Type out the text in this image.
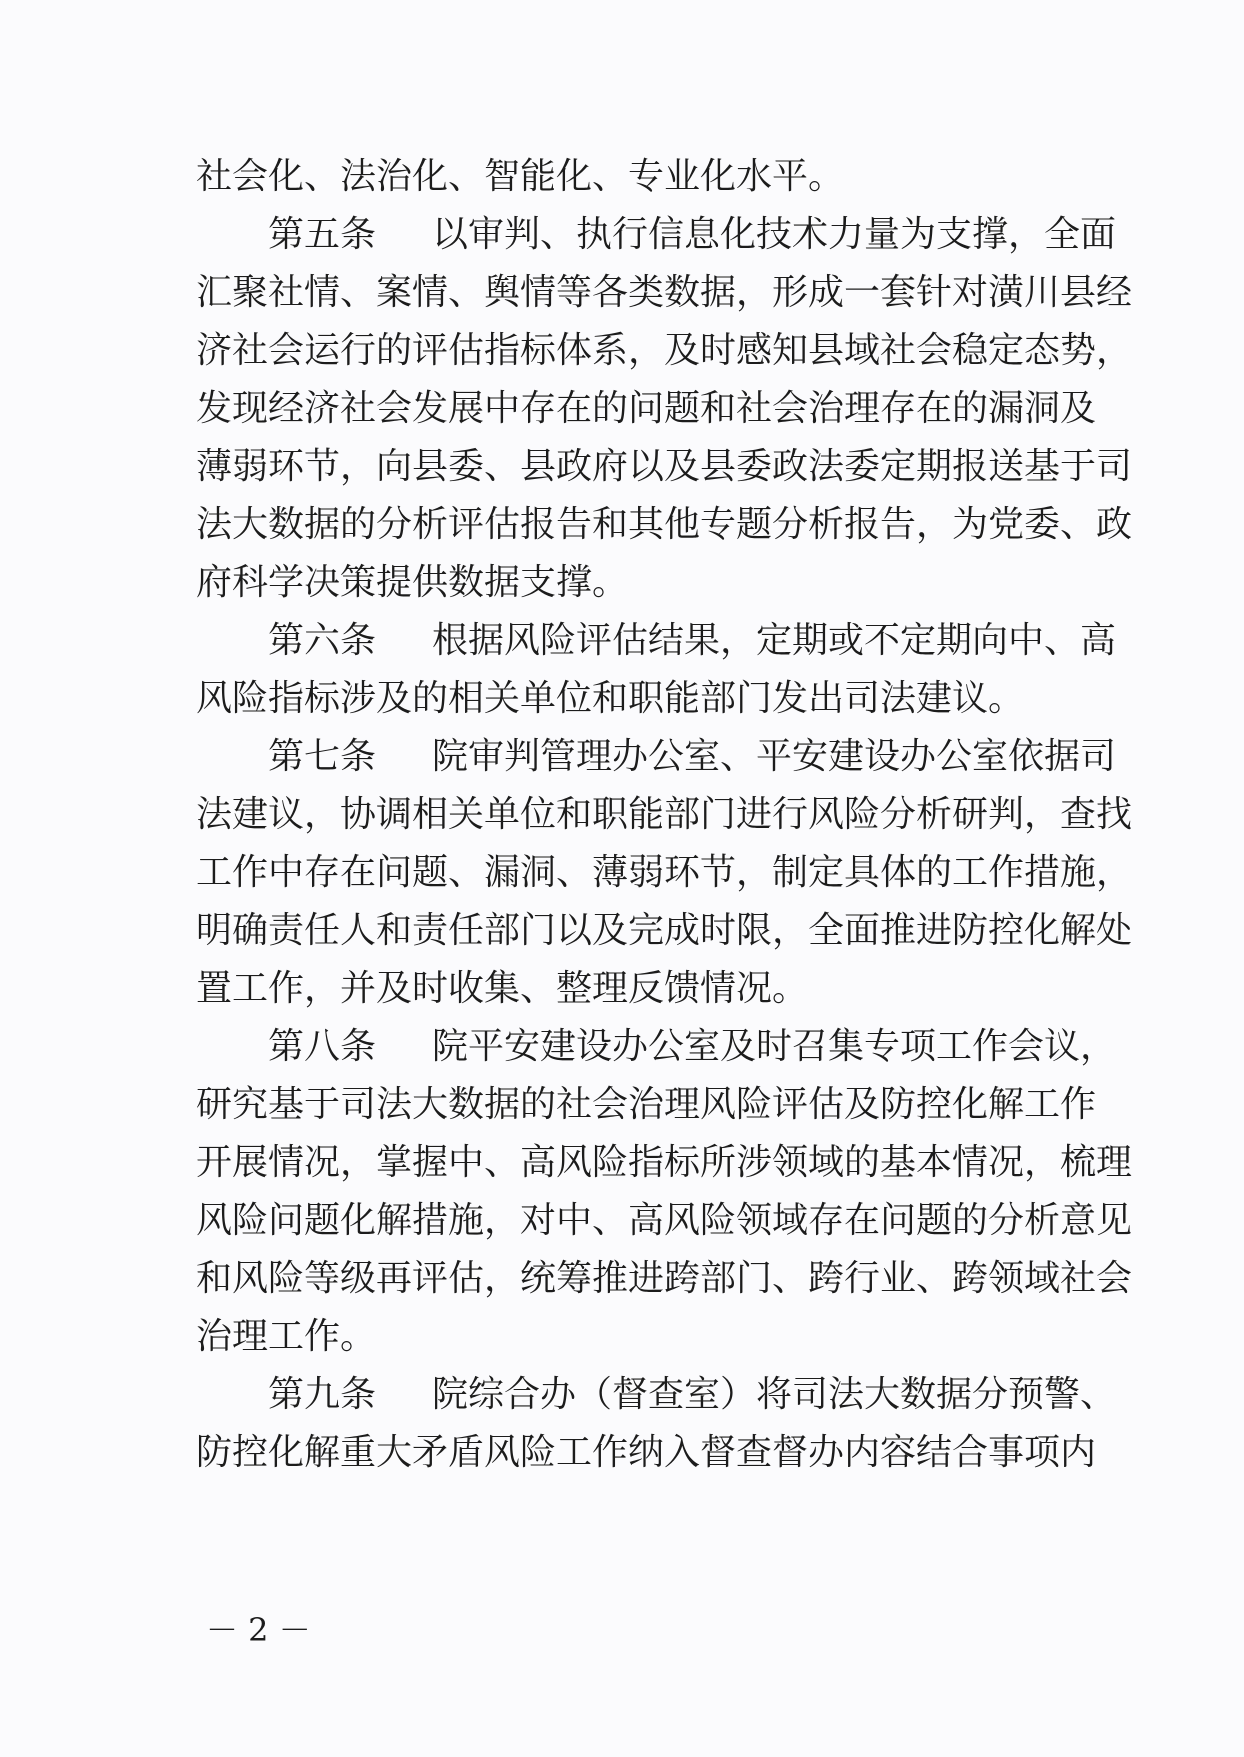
社会化、法治化、智能化、专业化水平。
第五条 以审判、执行信息化技术力量为支撑，全面
汇聚社情、案情、舆情等各类数据，形成一套针对潢川县经
济社会运行的评估指标体系，及时感知县域社会稳定态势，
发现经济社会发展中存在的问题和社会治理存在的漏洞及
薄弱环节，向县委、县政府以及县委政法委定期报送基于司
法大数据的分析评估报告和其他专题分析报告，为党委、政
府科学决策提供数据支撑。
第六条 根据风险评估结果，定期或不定期向中、高
风险指标涉及的相关单位和职能部门发出司法建议。
第七条 院审判管理办公室、平安建设办公室依据司
法建议，协调相关单位和职能部门进行风险分析研判，查找
工作中存在问题、漏洞、薄弱环节，制定具体的工作措施，
明确责任人和责任部门以及完成时限，全面推进防控化解处
置工作，并及时收集、整理反馈情况。
第八条 院平安建设办公室及时召集专项工作会议，
研究基于司法大数据的社会治理风险评估及防控化解工作
开展情况，掌握中、高风险指标所涉领域的基本情况，梳理
风险问题化解措施，对中、高风险领域存在问题的分析意见
和风险等级再评估，统筹推进跨部门、跨行业、跨领域社会
治理工作。
第九条 院综合办（督查室）将司法大数据分预警、
防控化解重大矛盾风险工作纳入督查督办内容结合事项内
－ 2 －
